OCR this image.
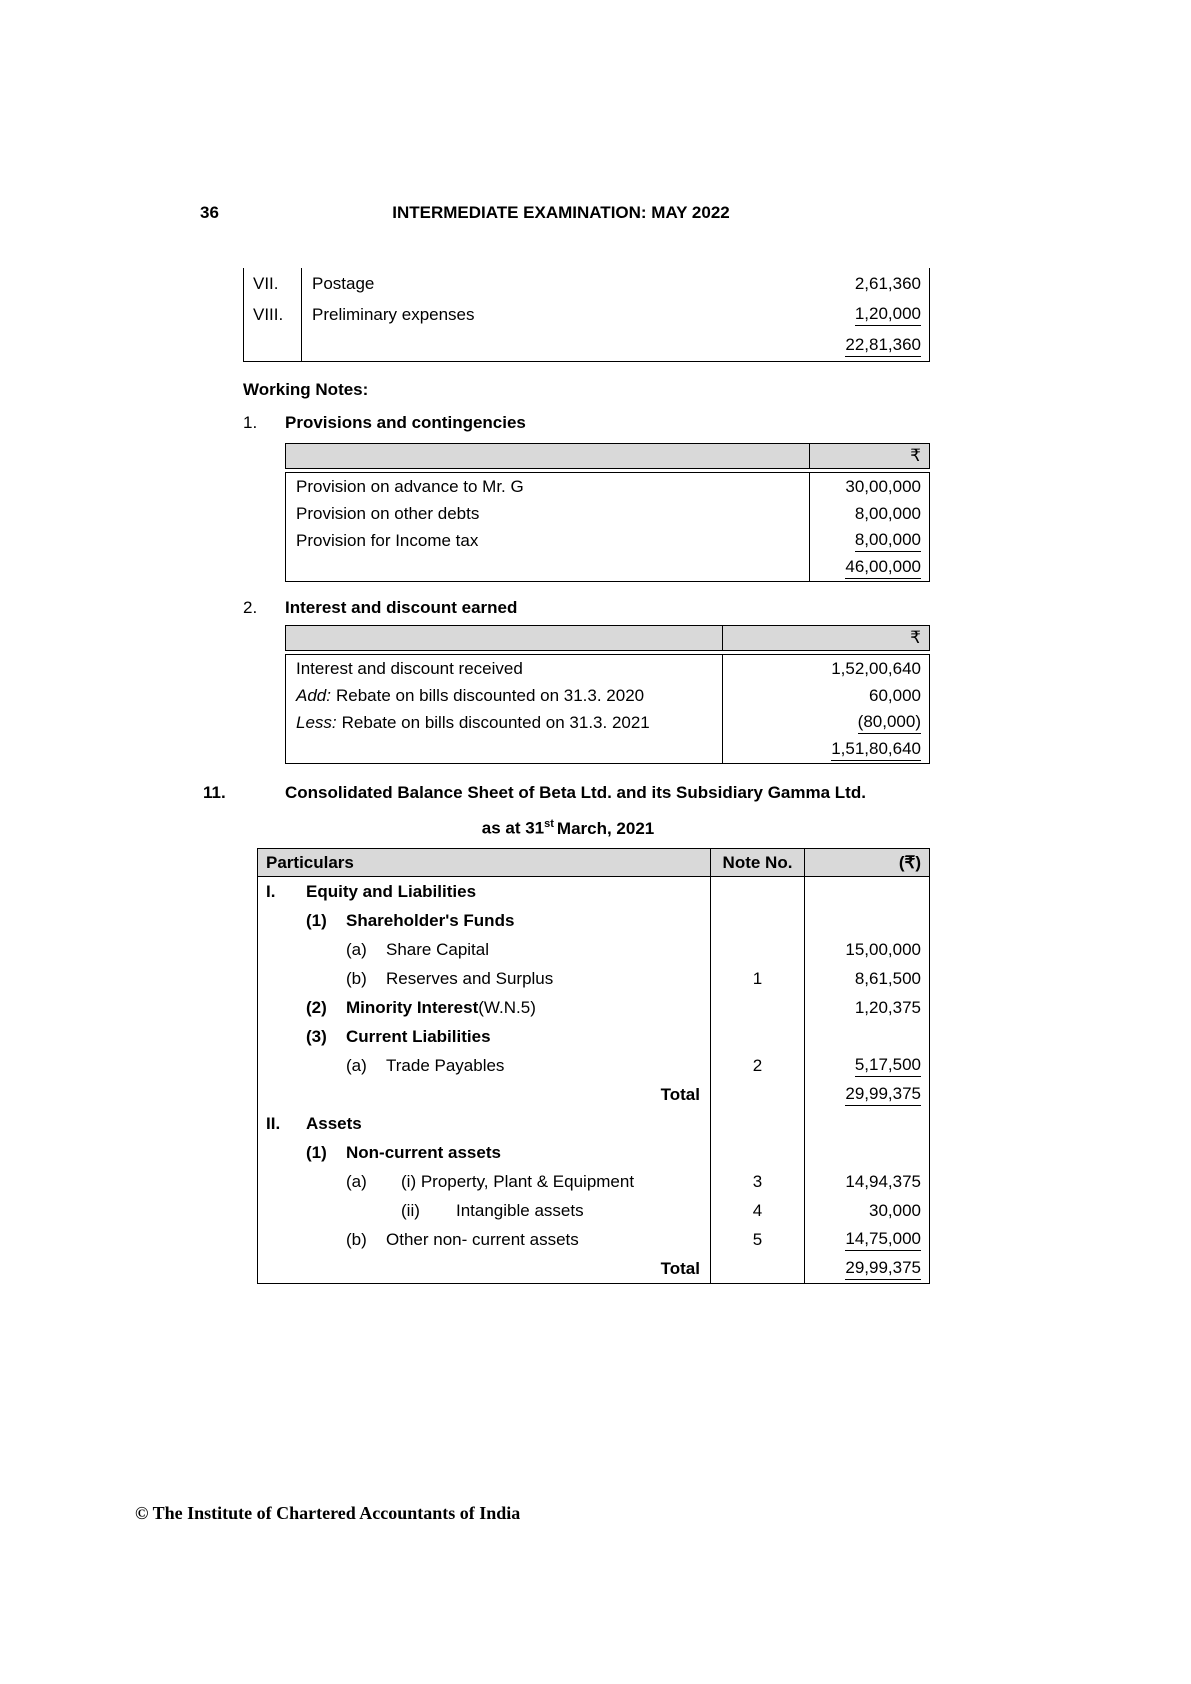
36	INTERMEDIATE EXAMINATION: MAY 2022
VII.	Postage	2,61,360
VIII.	Preliminary expenses	1,20,000
22,81,360
Working Notes:
1.	Provisions and contingencies
₹
Provision on advance to Mr. G	30,00,000
Provision on other debts	8,00,000
Provision for Income tax	8,00,000
46,00,000
2.	Interest and discount earned
₹
Interest and discount received	1,52,00,640
Add: Rebate on bills discounted on 31.3. 2020	60,000
Less: Rebate on bills discounted on 31.3. 2021	(80,000)
1,51,80,640
11.	Consolidated Balance Sheet of Beta Ltd. and its Subsidiary Gamma Ltd.
as at 31st March, 2021
Particulars	Note No.	(₹)
I.	Equity and Liabilities
(1)	Shareholder's Funds
(a)	Share Capital	15,00,000
(b)	Reserves and Surplus	1	8,61,500
(2)	Minority Interest (W.N.5)	1,20,375
(3)	Current Liabilities
(a)	Trade Payables	2	5,17,500
Total	29,99,375
II.	Assets
(1)	Non-current assets
(a)	(i) Property, Plant & Equipment	3	14,94,375
(ii)	Intangible assets	4	30,000
(b)	Other non- current assets	5	14,75,000
Total	29,99,375
© The Institute of Chartered Accountants of India
